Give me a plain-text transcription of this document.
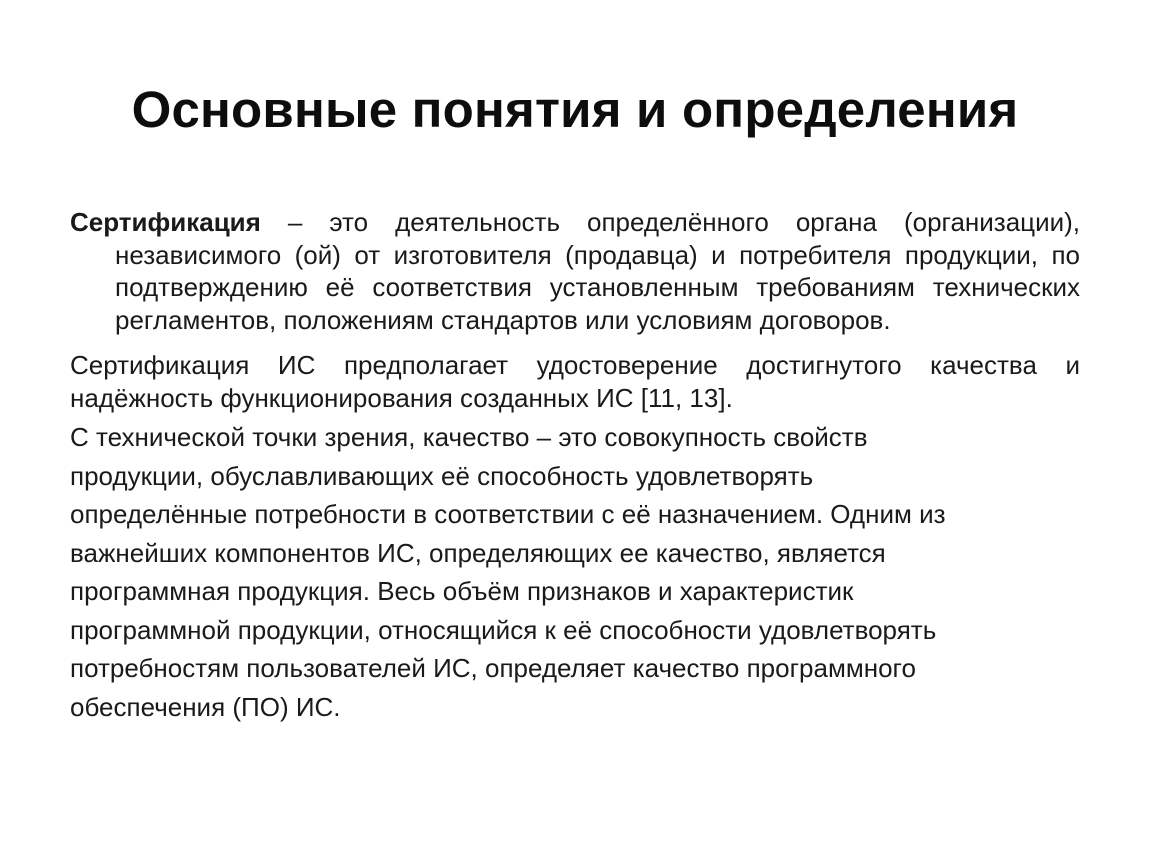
Основные понятия и определения

Сертификация – это деятельность определённого органа (организации), независимого (ой) от изготовителя (продавца) и потребителя продукции, по подтверждению её соответствия установленным требованиям технических регламентов, положениям стандартов или условиям договоров.

Сертификация ИС предполагает удостоверение достигнутого качества и надёжность функционирования созданных ИС [11, 13].

С технической точки зрения, качество – это совокупность свойств
продукции, обуславливающих её способность удовлетворять
определённые потребности в соответствии с её назначением. Одним из
важнейших компонентов ИС, определяющих ее качество, является
программная продукция. Весь объём признаков и характеристик
программной продукции, относящийся к её способности удовлетворять
потребностям пользователей ИС, определяет качество программного
обеспечения (ПО) ИС.
